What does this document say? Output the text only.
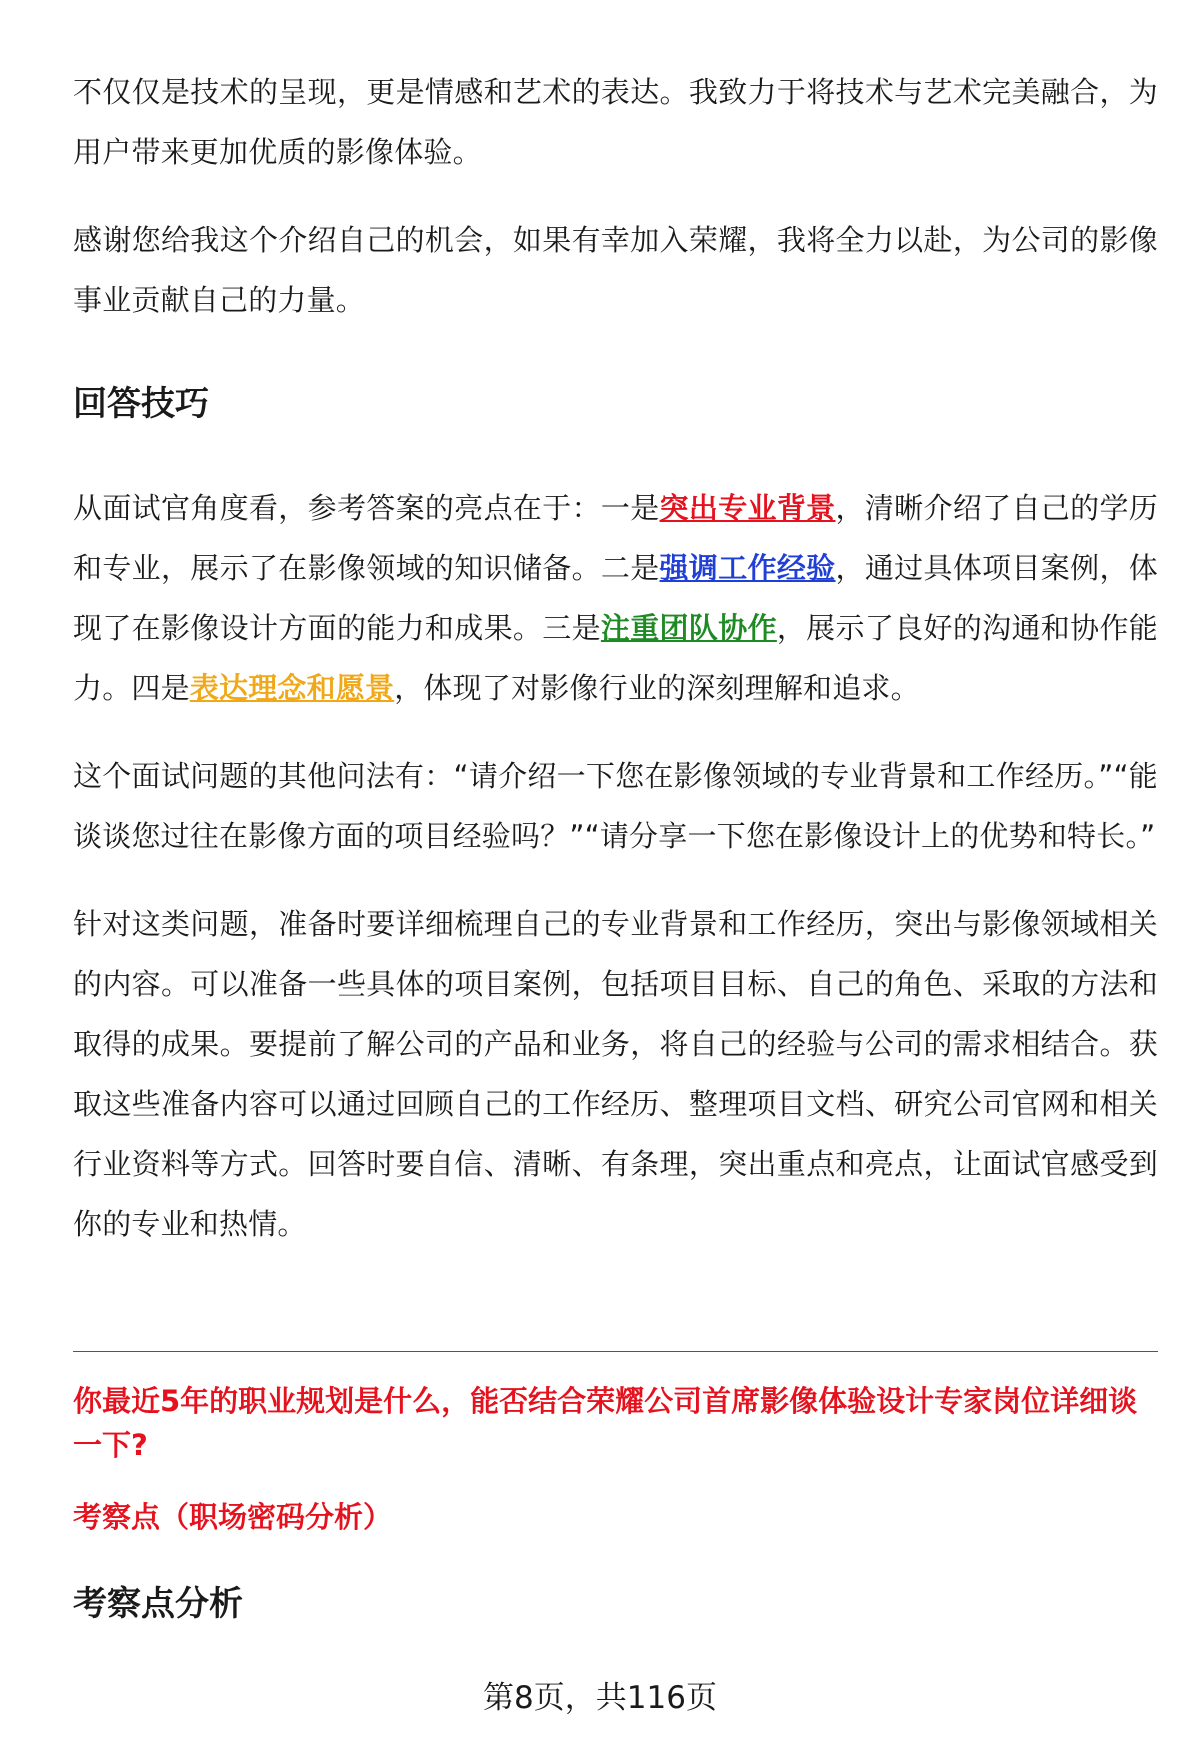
不仅仅是技术的呈现，更是情感和艺术的表达。我致力于将技术与艺术完美融合，为用户带来更加优质的影像体验。

感谢您给我这个介绍自己的机会，如果有幸加入荣耀，我将全力以赴，为公司的影像事业贡献自己的力量。

回答技巧

从面试官角度看，参考答案的亮点在于：一是突出专业背景，清晰介绍了自己的学历和专业，展示了在影像领域的知识储备。二是强调工作经验，通过具体项目案例，体现了在影像设计方面的能力和成果。三是注重团队协作，展示了良好的沟通和协作能力。四是表达理念和愿景，体现了对影像行业的深刻理解和追求。

这个面试问题的其他问法有：“请介绍一下您在影像领域的专业背景和工作经历。”“能谈谈您过往在影像方面的项目经验吗？”“请分享一下您在影像设计上的优势和特长。”

针对这类问题，准备时要详细梳理自己的专业背景和工作经历，突出与影像领域相关的内容。可以准备一些具体的项目案例，包括项目目标、自己的角色、采取的方法和取得的成果。要提前了解公司的产品和业务，将自己的经验与公司的需求相结合。获取这些准备内容可以通过回顾自己的工作经历、整理项目文档、研究公司官网和相关行业资料等方式。回答时要自信、清晰、有条理，突出重点和亮点，让面试官感受到你的专业和热情。

你最近5年的职业规划是什么，能否结合荣耀公司首席影像体验设计专家岗位详细谈一下?

考察点（职场密码分析）

考察点分析
第8页，共116页
